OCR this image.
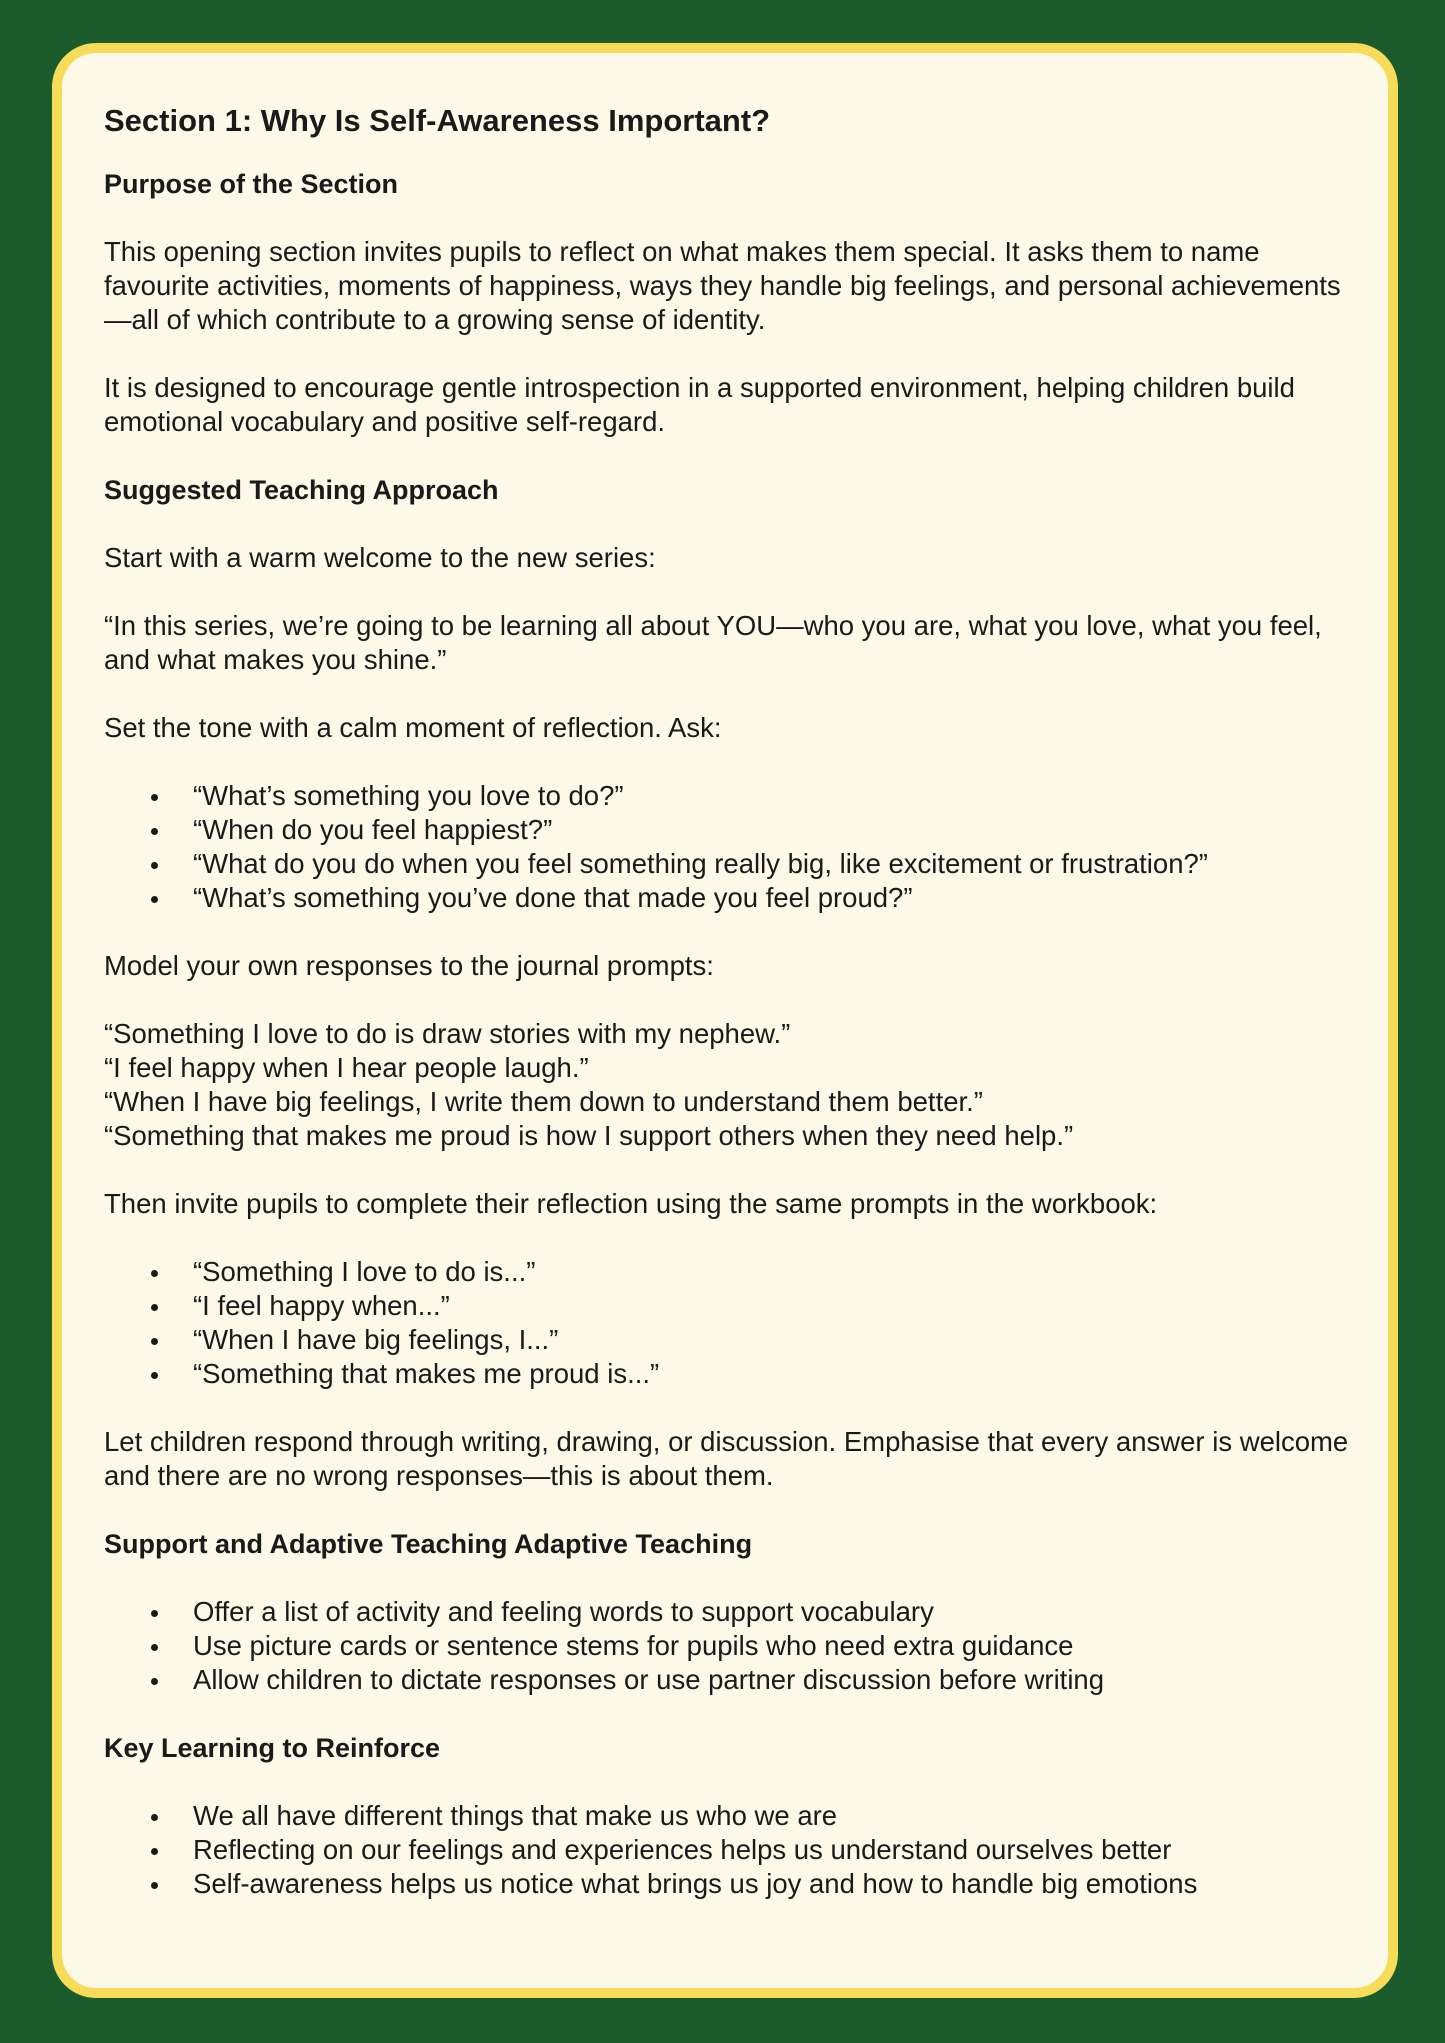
Section 1: Why Is Self-Awareness Important?
Purpose of the Section

This opening section invites pupils to reflect on what makes them special. It asks them to name favourite activities, moments of happiness, ways they handle big feelings, and personal achievements—all of which contribute to a growing sense of identity.

It is designed to encourage gentle introspection in a supported environment, helping children build emotional vocabulary and positive self-regard.

Suggested Teaching Approach

Start with a warm welcome to the new series:

“In this series, we’re going to be learning all about YOU—who you are, what you love, what you feel, and what makes you shine.”

Set the tone with a calm moment of reflection. Ask:

“What’s something you love to do?”
“When do you feel happiest?”
“What do you do when you feel something really big, like excitement or frustration?”
“What’s something you’ve done that made you feel proud?”

Model your own responses to the journal prompts:

“Something I love to do is draw stories with my nephew.”

“I feel happy when I hear people laugh.”

“When I have big feelings, I write them down to understand them better.”

“Something that makes me proud is how I support others when they need help.”

Then invite pupils to complete their reflection using the same prompts in the workbook:

“Something I love to do is...”
“I feel happy when...”
“When I have big feelings, I...”
“Something that makes me proud is...”

Let children respond through writing, drawing, or discussion. Emphasise that every answer is welcome and there are no wrong responses—this is about them.

Support and Adaptive Teaching Adaptive Teaching
Offer a list of activity and feeling words to support vocabulary
Use picture cards or sentence stems for pupils who need extra guidance
Allow children to dictate responses or use partner discussion before writing
Key Learning to Reinforce
We all have different things that make us who we are
Reflecting on our feelings and experiences helps us understand ourselves better
Self-awareness helps us notice what brings us joy and how to handle big emotions
